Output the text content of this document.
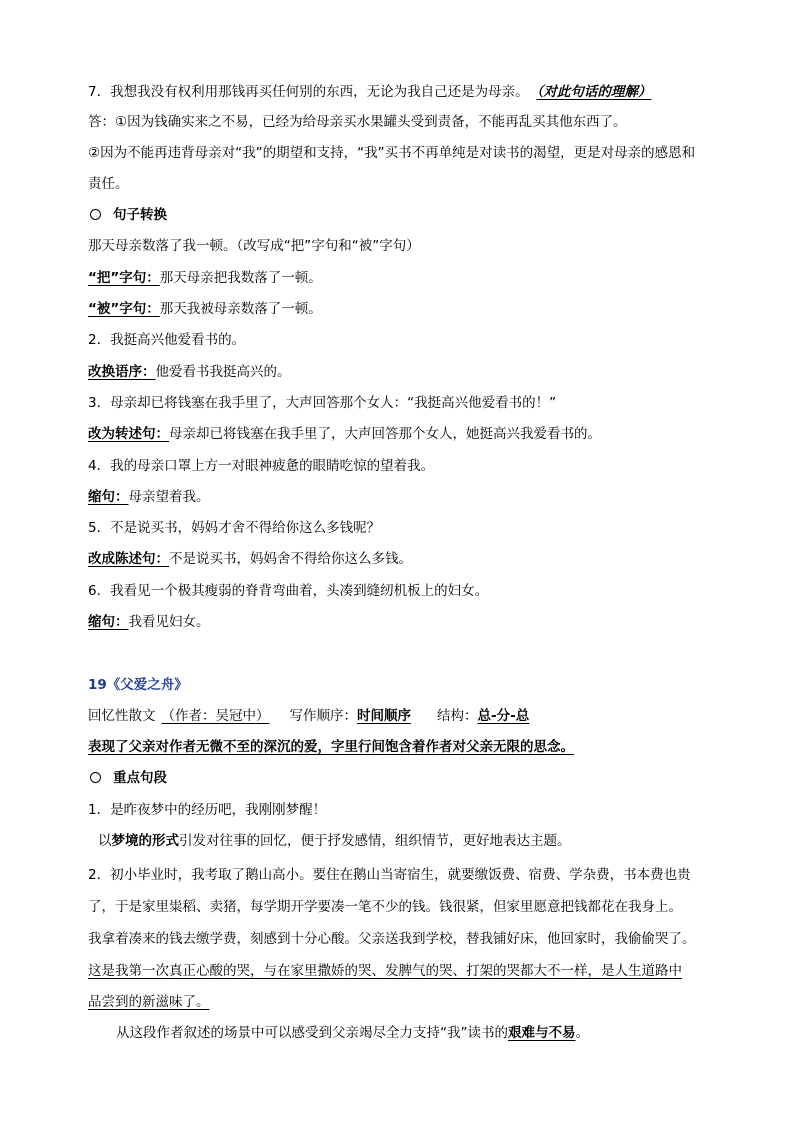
7．我想我没有权利用那钱再买任何别的东西，无论为我自己还是为母亲。 （对此句话的理解）
答：①因为钱确实来之不易，已经为给母亲买水果罐头受到责备，不能再乱买其他东西了。
②因为不能再违背母亲对“我”的期望和支持，“我”买书不再单纯是对读书的渴望，更是对母亲的感恩和
责任。
句子转换
那天母亲数落了我一顿。（改写成“把”字句和“被”字句）
“把”字句：那天母亲把我数落了一顿。
“被”字句：那天我被母亲数落了一顿。
2．我挺高兴他爱看书的。
改换语序：他爱看书我挺高兴的。
3．母亲却已将钱塞在我手里了，大声回答那个女人：“我挺高兴他爱看书的！”
改为转述句：母亲却已将钱塞在我手里了，大声回答那个女人，她挺高兴我爱看书的。
4．我的母亲口罩上方一对眼神疲惫的眼睛吃惊的望着我。
缩句：母亲望着我。
5．不是说买书，妈妈才舍不得给你这么多钱呢？
改成陈述句：不是说买书，妈妈舍不得给你这么多钱。
6．我看见一个极其瘦弱的脊背弯曲着，头凑到缝纫机板上的妇女。
缩句：我看见妇女。
19《父爱之舟》
回忆性散文 （作者：吴冠中） 写作顺序：时间顺序 结构：总-分-总
表现了父亲对作者无微不至的深沉的爱，字里行间饱含着作者对父亲无限的思念。
重点句段
1．是昨夜梦中的经历吧，我刚刚梦醒！
以梦境的形式引发对往事的回忆，便于抒发感情，组织情节，更好地表达主题。
2．初小毕业时，我考取了鹅山高小。要住在鹅山当寄宿生，就要缴饭费、宿费、学杂费，书本费也贵
了，于是家里粜稻、卖猪，每学期开学要凑一笔不少的钱。钱很紧，但家里愿意把钱都花在我身上。
我拿着凑来的钱去缴学费，刻感到十分心酸。父亲送我到学校，替我铺好床，他回家时，我偷偷哭了。
这是我第一次真正心酸的哭，与在家里撒娇的哭、发脾气的哭、打架的哭都大不一样，是人生道路中
品尝到的新滋味了。
从这段作者叙述的场景中可以感受到父亲竭尽全力支持“我”读书的艰难与不易。
